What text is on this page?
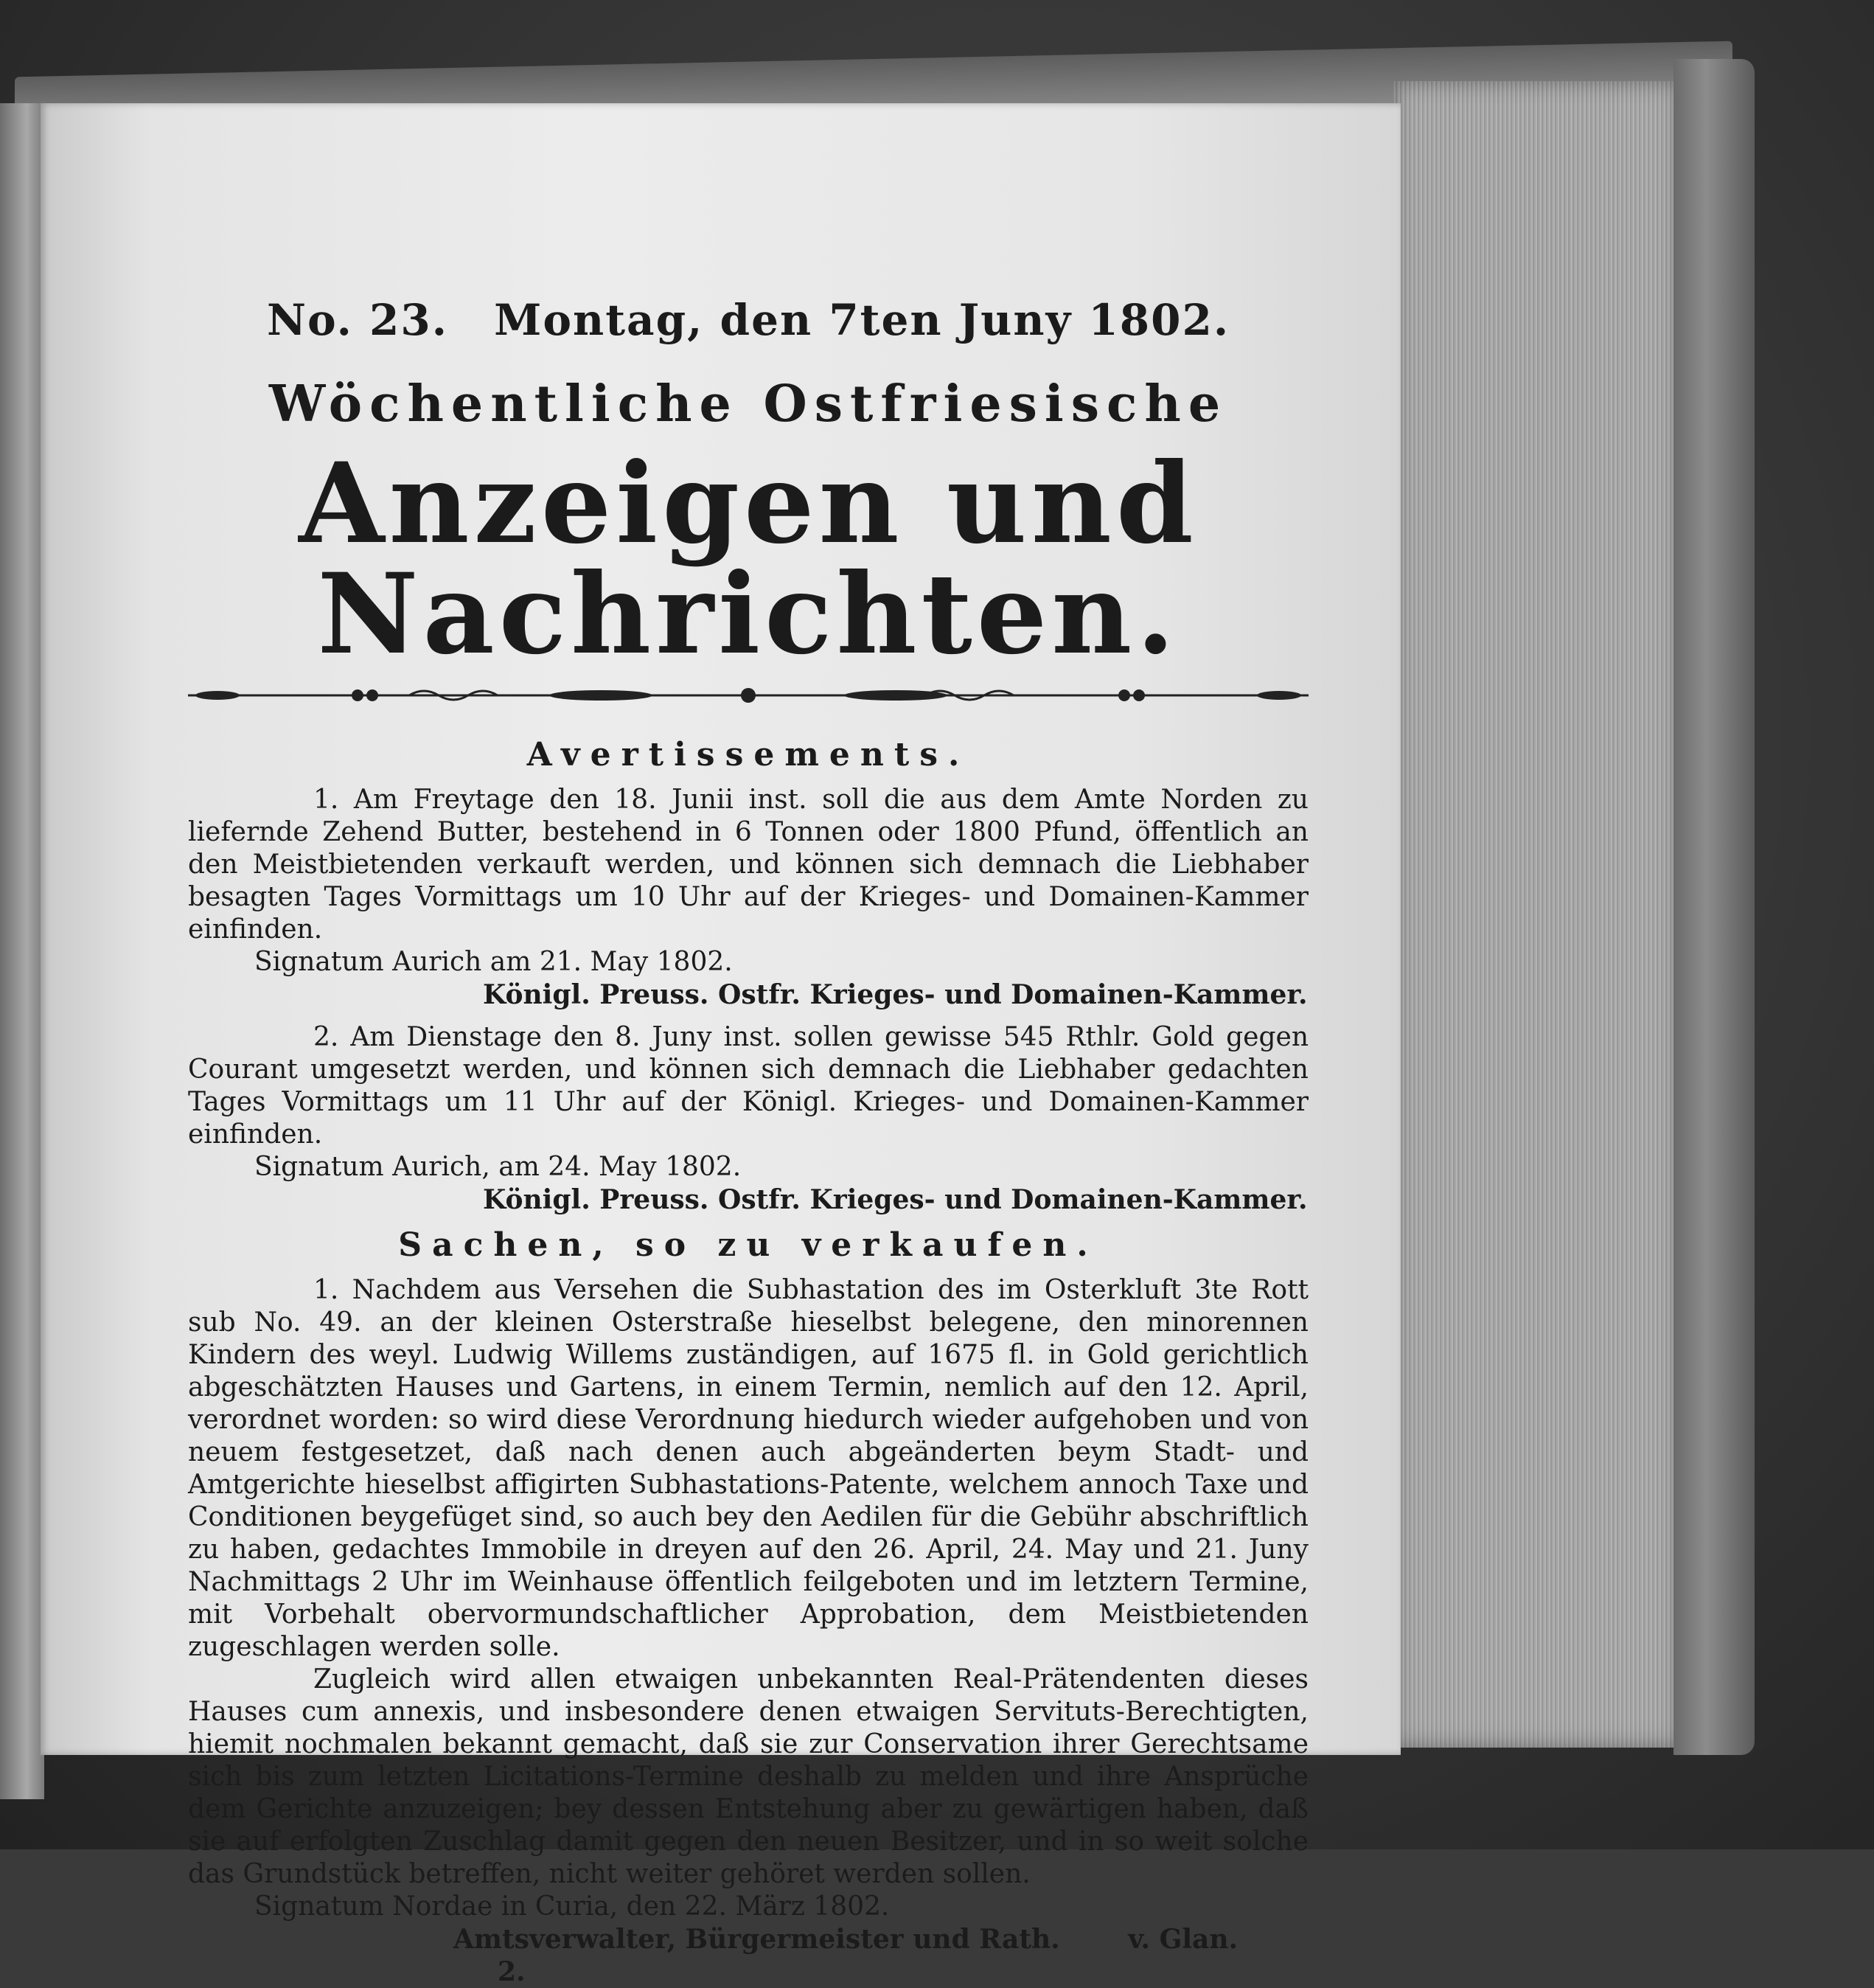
No. 23. Montag, den 7ten Juny 1802.
Wöchentliche Ostfriesische
Anzeigen und Nachrichten.
Avertissements.

1. Am Freytage den 18. Junii inst. soll die aus dem Amte Norden zu liefernde Zehend Butter, bestehend in 6 Tonnen oder 1800 Pfund, öffentlich an den Meistbietenden verkauft werden, und können sich demnach die Liebhaber besagten Tages Vormittags um 10 Uhr auf der Krieges- und Domainen-Kammer einfinden.

Signatum Aurich am 21. May 1802.

Königl. Preuss. Ostfr. Krieges- und Domainen-Kammer.

2. Am Dienstage den 8. Juny inst. sollen gewisse 545 Rthlr. Gold gegen Courant umgesetzt werden, und können sich demnach die Liebhaber gedachten Tages Vormittags um 11 Uhr auf der Königl. Krieges- und Domainen-Kammer einfinden.

Signatum Aurich, am 24. May 1802.

Königl. Preuss. Ostfr. Krieges- und Domainen-Kammer.

Sachen, so zu verkaufen.

1. Nachdem aus Versehen die Subhastation des im Osterkluft 3te Rott sub No. 49. an der kleinen Osterstraße hieselbst belegene, den minorennen Kindern des weyl. Ludwig Willems zuständigen, auf 1675 fl. in Gold gerichtlich abgeschätzten Hauses und Gartens, in einem Termin, nemlich auf den 12. April, verordnet worden: so wird diese Verordnung hiedurch wieder aufgehoben und von neuem festgesetzet, daß nach denen auch abgeänderten beym Stadt- und Amtgerichte hieselbst affigirten Subhastations-Patente, welchem annoch Taxe und Conditionen beygefüget sind, so auch bey den Aedilen für die Gebühr abschriftlich zu haben, gedachtes Immobile in dreyen auf den 26. April, 24. May und 21. Juny Nachmittags 2 Uhr im Weinhause öffentlich feilgeboten und im letztern Termine, mit Vorbehalt obervormundschaftlicher Approbation, dem Meistbietenden zugeschlagen werden solle.

Zugleich wird allen etwaigen unbekannten Real-Prätendenten dieses Hauses cum annexis, und insbesondere denen etwaigen Servituts-Berechtigten, hiemit nochmalen bekannt gemacht, daß sie zur Conservation ihrer Gerechtsame sich bis zum letzten Licitations-Termine deshalb zu melden und ihre Ansprüche dem Gerichte anzuzeigen; bey dessen Entstehung aber zu gewärtigen haben, daß sie auf erfolgten Zuschlag damit gegen den neuen Besitzer, und in so weit solche das Grundstück betreffen, nicht weiter gehöret werden sollen.

Signatum Nordae in Curia, den 22. März 1802.

Amtsverwalter, Bürgermeister und Rath.	v. Glan. 2.
